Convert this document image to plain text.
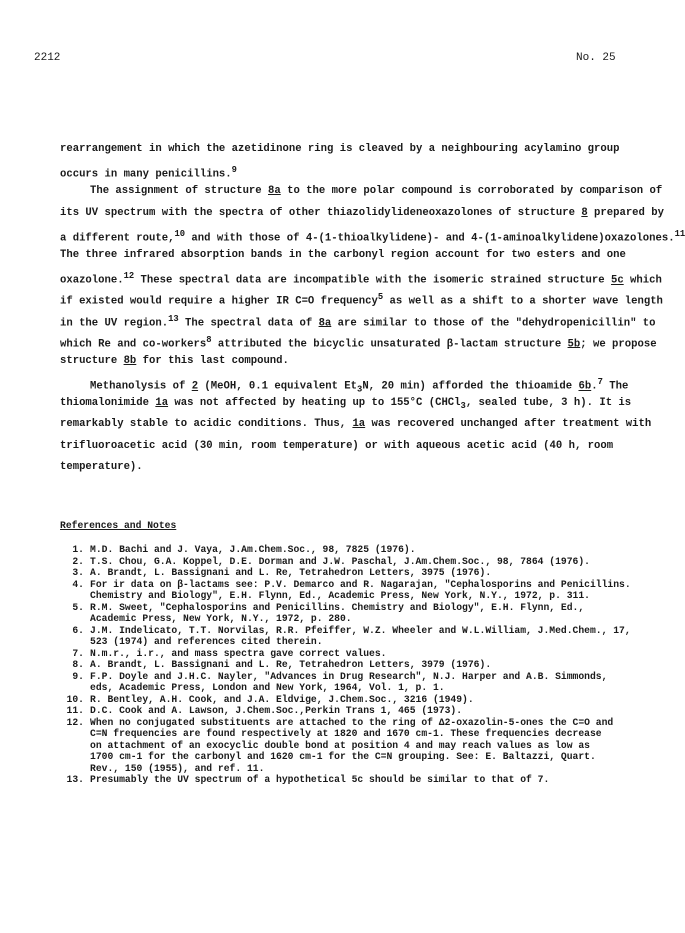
2212	No. 25
rearrangement in which the azetidinone ring is cleaved by a neighbouring acylamino group
occurs in many penicillins.$^9$
The assignment of structure 8a to the more polar compound is corroborated by comparison of
its UV spectrum with the spectra of other thiazolidylideneoxazolones of structure 8 prepared by
a different route,$^{10}$ and with those of 4-(1-thioalkylidene)- and 4-(1-aminoalkylidene)oxazolones.$^{11}$
The three infrared absorption bands in the carbonyl region account for two esters and one
oxazolone.$^{12}$ These spectral data are incompatible with the isomeric strained structure 5c which
if existed would require a higher IR C=O frequency$^5$ as well as a shift to a shorter wave length
in the UV region.$^{13}$ The spectral data of 8a are similar to those of the "dehydropenicillin" to
which Re and co-workers$^8$ attributed the bicyclic unsaturated β-lactam structure 5b; we propose
structure 8b for this last compound.
Methanolysis of 2 (MeOH, 0.1 equivalent $Et_3N$, 20 min) afforded the thioamide 6b.$^7$ The
thiomalonimide 1a was not affected by heating up to 155°C (CHCl$_3$, sealed tube, 3 h). It is
remarkably stable to acidic conditions. Thus, 1a was recovered unchanged after treatment with
trifluoroacetic acid (30 min, room temperature) or with aqueous acetic acid (40 h, room
temperature).
References and Notes
1. M.D. Bachi and J. Vaya, J.Am.Chem.Soc., 98, 7825 (1976).
2. T.S. Chou, G.A. Koppel, D.E. Dorman and J.W. Paschal, J.Am.Chem.Soc., 98, 7864 (1976).
3. A. Brandt, L. Bassignani and L. Re, Tetrahedron Letters, 3975 (1976).
4. For ir data on β-lactams see: P.V. Demarco and R. Nagarajan, "Cephalosporins and Penicillins.
Chemistry and Biology", E.H. Flynn, Ed., Academic Press, New York, N.Y., 1972, p. 311.
5. R.M. Sweet, "Cephalosporins and Penicillins. Chemistry and Biology", E.H. Flynn, Ed.,
Academic Press, New York, N.Y., 1972, p. 280.
6. J.M. Indelicato, T.T. Norvilas, R.R. Pfeiffer, W.Z. Wheeler and W.L.William, J.Med.Chem., 17,
523 (1974) and references cited therein.
7. N.m.r., i.r., and mass spectra gave correct values.
8. A. Brandt, L. Bassignani and L. Re, Tetrahedron Letters, 3979 (1976).
9. F.P. Doyle and J.H.C. Nayler, "Advances in Drug Research", N.J. Harper and A.B. Simmonds,
eds, Academic Press, London and New York, 1964, Vol. 1, p. 1.
10. R. Bentley, A.H. Cook, and J.A. Eldvige, J.Chem.Soc., 3216 (1949).
11. D.C. Cook and A. Lawson, J.Chem.Soc.,Perkin Trans 1, 465 (1973).
12. When no conjugated substituents are attached to the ring of Δ2-oxazolin-5-ones the C=O and
C=N frequencies are found respectively at 1820 and 1670 cm-1. These frequencies decrease
on attachment of an exocyclic double bond at position 4 and may reach values as low as
1700 cm-1 for the carbonyl and 1620 cm-1 for the C=N grouping. See: E. Baltazzi, Quart.
Rev., 150 (1955), and ref. 11.
13. Presumably the UV spectrum of a hypothetical 5c should be similar to that of 7.
